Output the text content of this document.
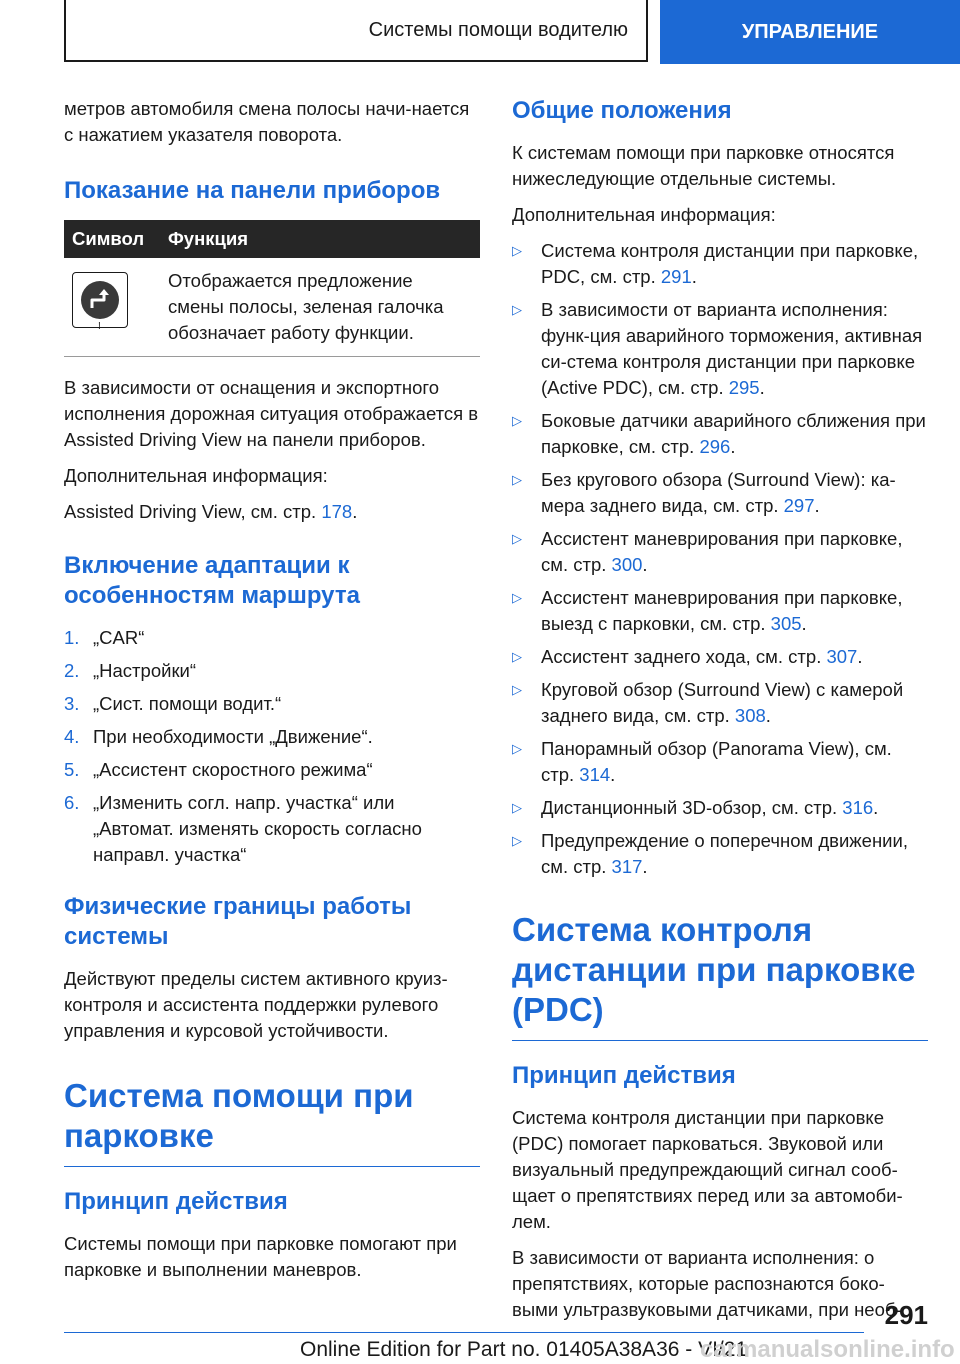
Системы помощи водителю	УПРАВЛЕНИЕ

метров автомобиля смена полосы начи-нается с нажатием указателя поворота.

Показание на панели приборов
Символ	Функция

!	Отображается предложение смены полосы, зеленая галочка обозначает работу функции.

В зависимости от оснащения и экспортного исполнения дорожная ситуация отображается в Assisted Driving View на панели приборов.

Дополнительная информация:

Assisted Driving View, см. стр. 178.

Включение адаптации к особенностям маршрута
1. „CAR“
2. „Настройки“
3. „Сист. помощи водит.“
4. При необходимости „Движение“.
5. „Ассистент скоростного режима“
6. „Изменить согл. напр. участка“ или „Автомат. изменять скорость согласно направл. участка“
Физические границы работы системы

Действуют пределы систем активного круиз-контроля и ассистента поддержки рулевого управления и курсовой устойчивости.

Система помощи при парковке
Принцип действия

Системы помощи при парковке помогают при парковке и выполнении маневров.

Общие положения

К системам помощи при парковке относятся нижеследующие отдельные системы.

Дополнительная информация:

▷	Система контроля дистанции при парковке, PDC, см. стр. 291.
▷	В зависимости от варианта исполнения: функ-ция аварийного торможения, активная си-стема контроля дистанции при парковке (Active PDC), см. стр. 295.
▷	Боковые датчики аварийного сближения при парковке, см. стр. 296.
▷	Без кругового обзора (Surround View): ка-мера заднего вида, см. стр. 297.
▷	Ассистент маневрирования при парковке, см. стр. 300.
▷	Ассистент маневрирования при парковке, выезд с парковки, см. стр. 305.
▷	Ассистент заднего хода, см. стр. 307.
▷	Круговой обзор (Surround View) с камерой заднего вида, см. стр. 308.
▷	Панорамный обзор (Panorama View), см. стр. 314.
▷	Дистанционный 3D-обзор, см. стр. 316.
▷	Предупреждение о поперечном движении, см. стр. 317.
Система контроля дистанции при парковке (PDC)
Принцип действия

Система контроля дистанции при парковке (PDC) помогает парковаться. Звуковой или визуальный предупреждающий сигнал сооб-щает о препятствиях перед или за автомоби-лем.

В зависимости от варианта исполнения: о препятствиях, которые распознаются боко-выми ультразвуковыми датчиками, при необ-

291
Online Edition for Part no. 01405A38A36 - VI/21
carmanualsonline.info
